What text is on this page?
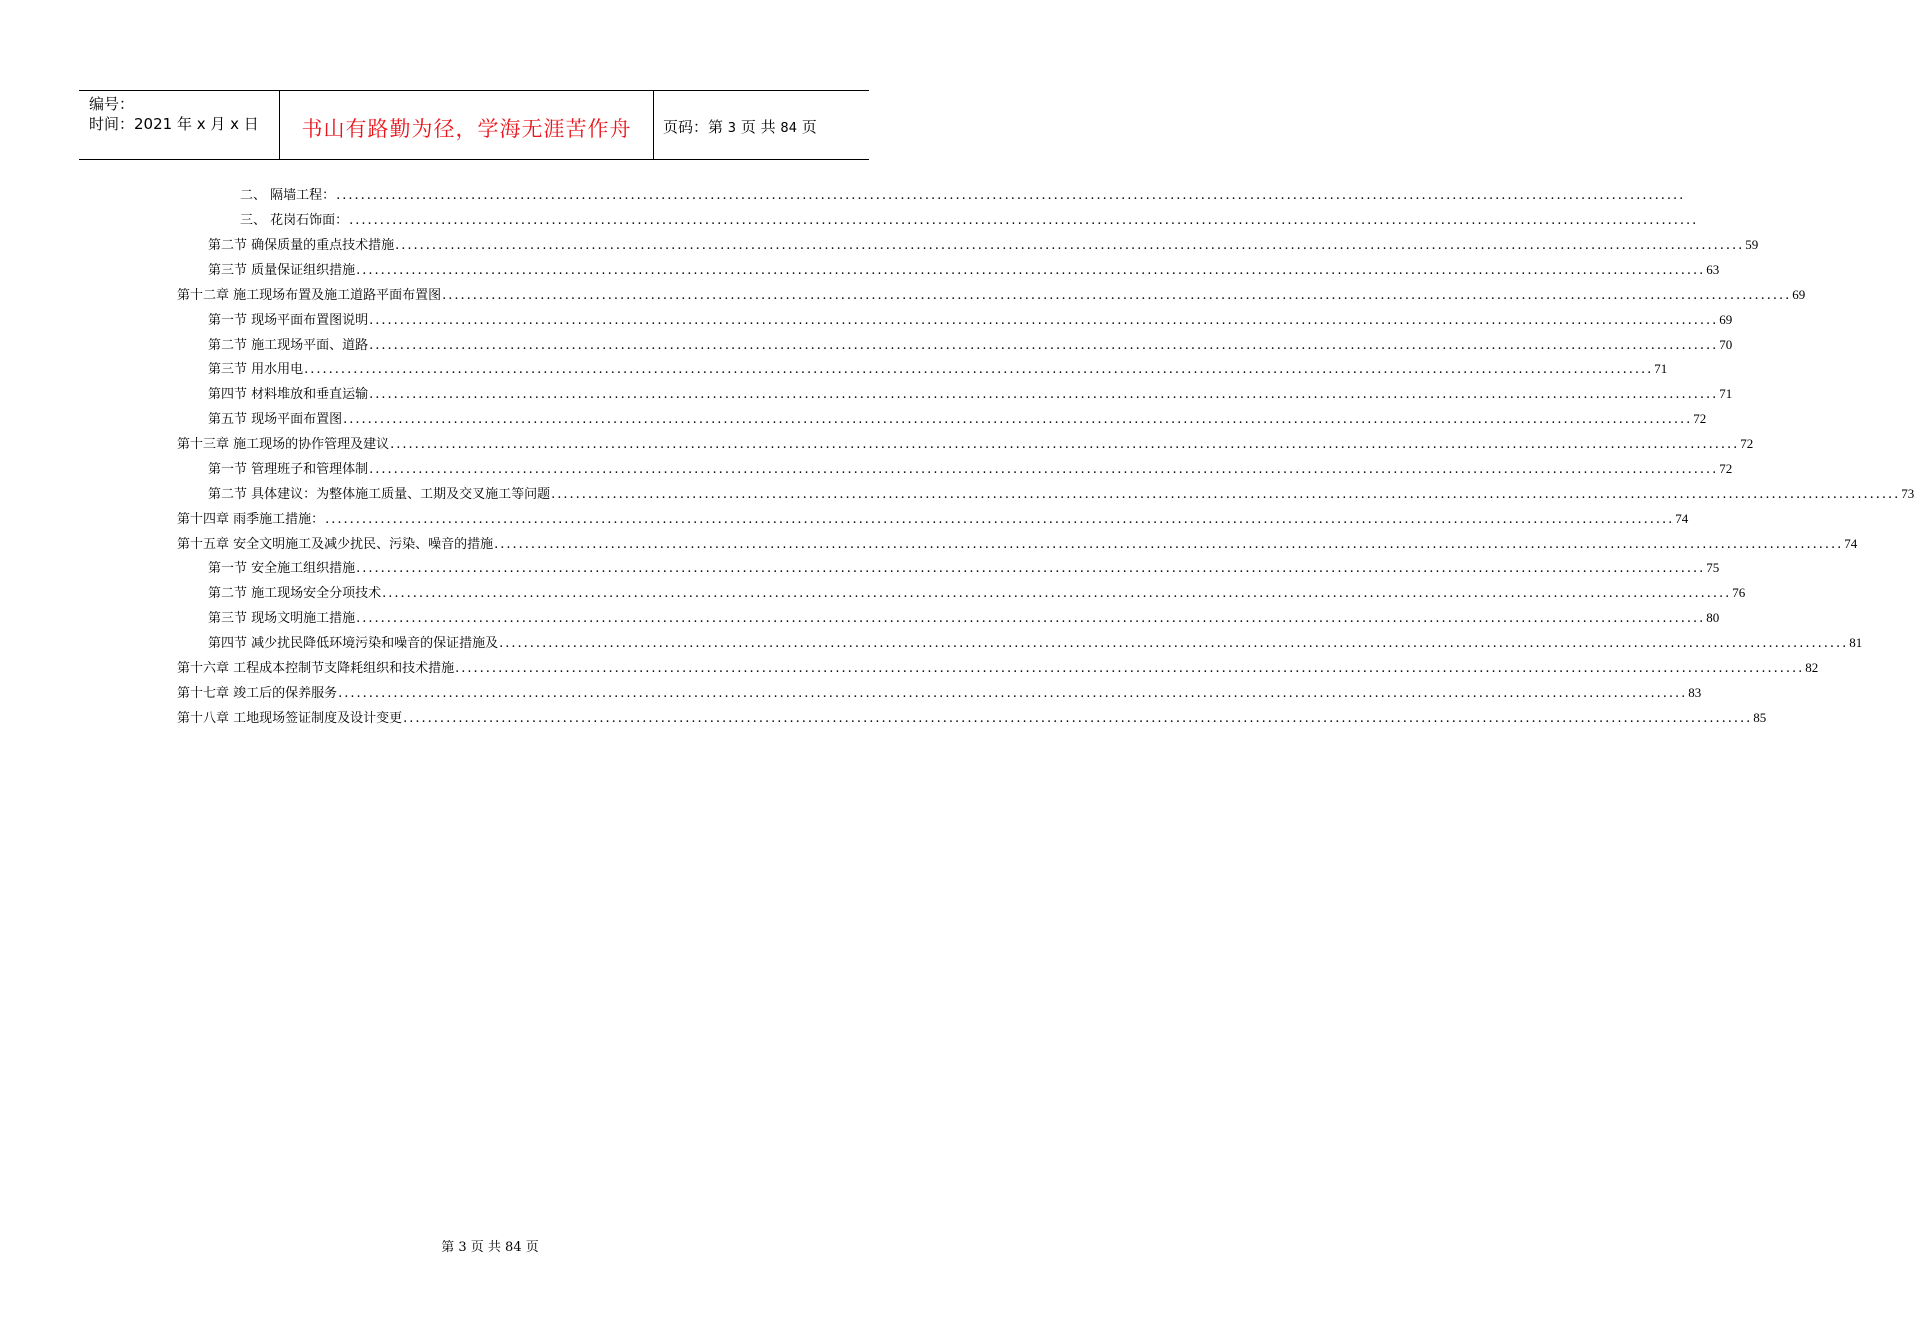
编号：
时间：2021 年 x 月 x 日	书山有路勤为径，学海无涯苦作舟	页码：第 3 页 共 84 页
二、 隔墙工程： ............................................................................................................................................................................................................................
三、 花岗石饰面： ............................................................................................................................................................................................................................
第二节 确保质量的重点技术措施 ............................................................................................................................................................................................................................ 59
第三节 质量保证组织措施 ............................................................................................................................................................................................................................ 63
第十二章 施工现场布置及施工道路平面布置图 ............................................................................................................................................................................................................................ 69
第一节 现场平面布置图说明 ............................................................................................................................................................................................................................ 69
第二节 施工现场平面、道路 ............................................................................................................................................................................................................................ 70
第三节 用水用电 ............................................................................................................................................................................................................................ 71
第四节 材料堆放和垂直运输 ............................................................................................................................................................................................................................ 71
第五节 现场平面布置图 ............................................................................................................................................................................................................................ 72
第十三章 施工现场的协作管理及建议 ............................................................................................................................................................................................................................ 72
第一节 管理班子和管理体制 ............................................................................................................................................................................................................................ 72
第二节 具体建议：为整体施工质量、工期及交叉施工等问题 ............................................................................................................................................................................................................................ 73
第十四章 雨季施工措施： ............................................................................................................................................................................................................................ 74
第十五章 安全文明施工及减少扰民、污染、噪音的措施 ............................................................................................................................................................................................................................ 74
第一节 安全施工组织措施 ............................................................................................................................................................................................................................ 75
第二节 施工现场安全分项技术 ............................................................................................................................................................................................................................ 76
第三节 现场文明施工措施 ............................................................................................................................................................................................................................ 80
第四节 减少扰民降低环境污染和噪音的保证措施及 ............................................................................................................................................................................................................................ 81
第十六章 工程成本控制节支降耗组织和技术措施 ............................................................................................................................................................................................................................ 82
第十七章 竣工后的保养服务 ............................................................................................................................................................................................................................ 83
第十八章 工地现场签证制度及设计变更 ............................................................................................................................................................................................................................ 85
第 3 页 共 84 页
